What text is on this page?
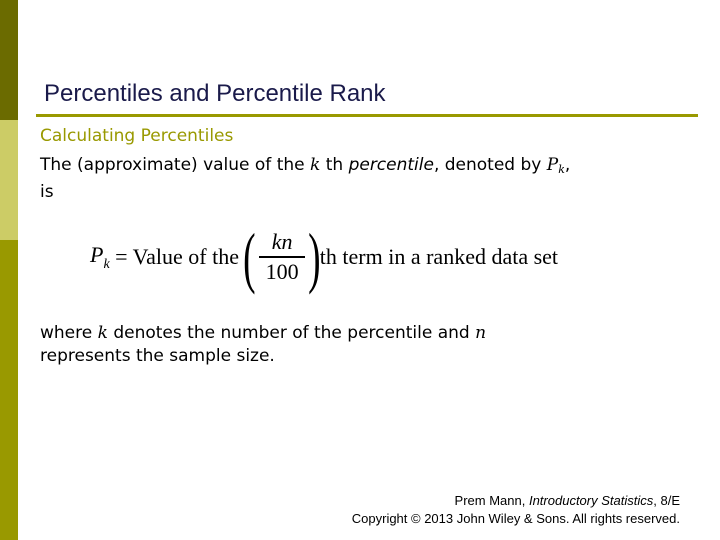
Percentiles and Percentile Rank
Calculating Percentiles
The (approximate) value of the k th percentile, denoted by $P_k$,
is
$P_k$ = Value of the ( $\frac{kn}{100}$ ) th term in a ranked data set
where k denotes the number of the percentile and n
represents the sample size.
Prem Mann, Introductory Statistics, 8/E
Copyright © 2013 John Wiley & Sons. All rights reserved.
